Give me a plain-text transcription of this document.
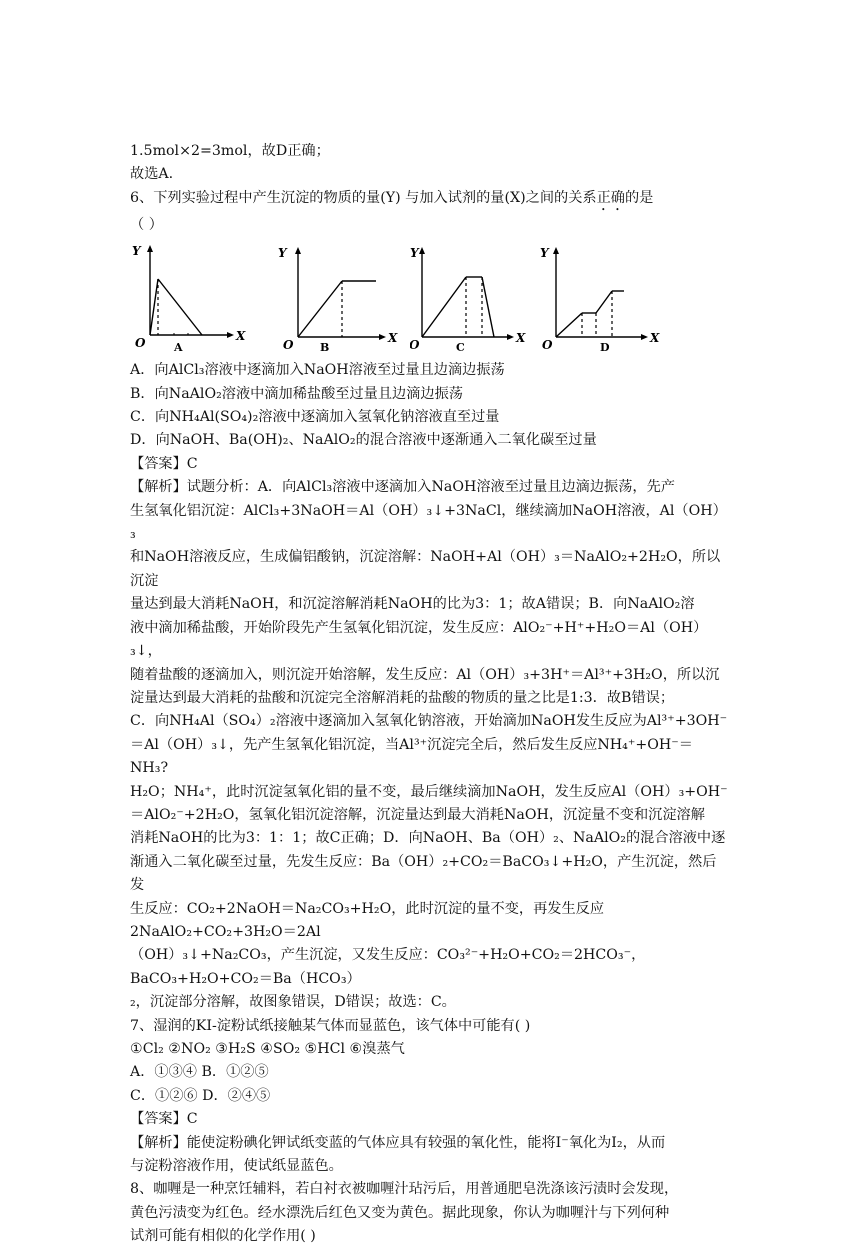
1.5mol×2=3mol，故D正确；

故选A.

6、下列实验过程中产生沉淀的物质的量(Y) 与加入试剂的量(X)之间的关系正确的是

（ ）

Y
X
O	A
Y
X
O B
Y
X
O	C
Y
X
O	D

A．向AlCl₃溶液中逐滴加入NaOH溶液至过量且边滴边振荡

B．向NaAlO₂溶液中滴加稀盐酸至过量且边滴边振荡

C．向NH₄Al(SO₄)₂溶液中逐滴加入氢氧化钠溶液直至过量

D．向NaOH、Ba(OH)₂、NaAlO₂的混合溶液中逐渐通入二氧化碳至过量

【答案】C

【解析】试题分析：A．向AlCl₃溶液中逐滴加入NaOH溶液至过量且边滴边振荡，先产

生氢氧化铝沉淀：AlCl₃+3NaOH＝Al（OH）₃↓+3NaCl，继续滴加NaOH溶液，Al（OH）₃

和NaOH溶液反应，生成偏铝酸钠，沉淀溶解：NaOH+Al（OH）₃＝NaAlO₂+2H₂O，所以沉淀

量达到最大消耗NaOH，和沉淀溶解消耗NaOH的比为3：1；故A错误；B．向NaAlO₂溶

液中滴加稀盐酸，开始阶段先产生氢氧化铝沉淀，发生反应：AlO₂⁻+H⁺+H₂O＝Al（OH）₃↓，

随着盐酸的逐滴加入，则沉淀开始溶解，发生反应：Al（OH）₃+3H⁺＝Al³⁺+3H₂O，所以沉

淀量达到最大消耗的盐酸和沉淀完全溶解消耗的盐酸的物质的量之比是1:3．故B错误；

C．向NH₄Al（SO₄）₂溶液中逐滴加入氢氧化钠溶液，开始滴加NaOH发生反应为Al³⁺+3OH⁻

＝Al（OH）₃↓，先产生氢氧化铝沉淀，当Al³⁺沉淀完全后，然后发生反应NH₄⁺+OH⁻＝NH₃?

H₂O；NH₄⁺，此时沉淀氢氧化铝的量不变，最后继续滴加NaOH，发生反应Al（OH）₃+OH⁻

＝AlO₂⁻+2H₂O，氢氧化铝沉淀溶解，沉淀量达到最大消耗NaOH，沉淀量不变和沉淀溶解

消耗NaOH的比为3：1：1；故C正确；D．向NaOH、Ba（OH）₂、NaAlO₂的混合溶液中逐

渐通入二氧化碳至过量，先发生反应：Ba（OH）₂+CO₂＝BaCO₃↓+H₂O，产生沉淀，然后发

生反应：CO₂+2NaOH＝Na₂CO₃+H₂O，此时沉淀的量不变，再发生反应2NaAlO₂+CO₂+3H₂O＝2Al

（OH）₃↓+Na₂CO₃，产生沉淀，又发生反应：CO₃²⁻+H₂O+CO₂＝2HCO₃⁻，BaCO₃+H₂O+CO₂＝Ba（HCO₃）

₂，沉淀部分溶解，故图象错误，D错误；故选：C。

7、湿润的KI-淀粉试纸接触某气体而显蓝色，该气体中可能有( )

①Cl₂ ②NO₂ ③H₂S ④SO₂ ⑤HCl ⑥溴蒸气

A．①③④ B．①②⑤

C．①②⑥ D．②④⑤

【答案】C

【解析】能使淀粉碘化钾试纸变蓝的气体应具有较强的氧化性，能将I⁻氧化为I₂，从而

与淀粉溶液作用，使试纸显蓝色。

8、咖喱是一种烹饪辅料，若白衬衣被咖喱汁玷污后，用普通肥皂洗涤该污渍时会发现，

黄色污渍变为红色。经水漂洗后红色又变为黄色。据此现象，你认为咖喱汁与下列何种

试剂可能有相似的化学作用( )
